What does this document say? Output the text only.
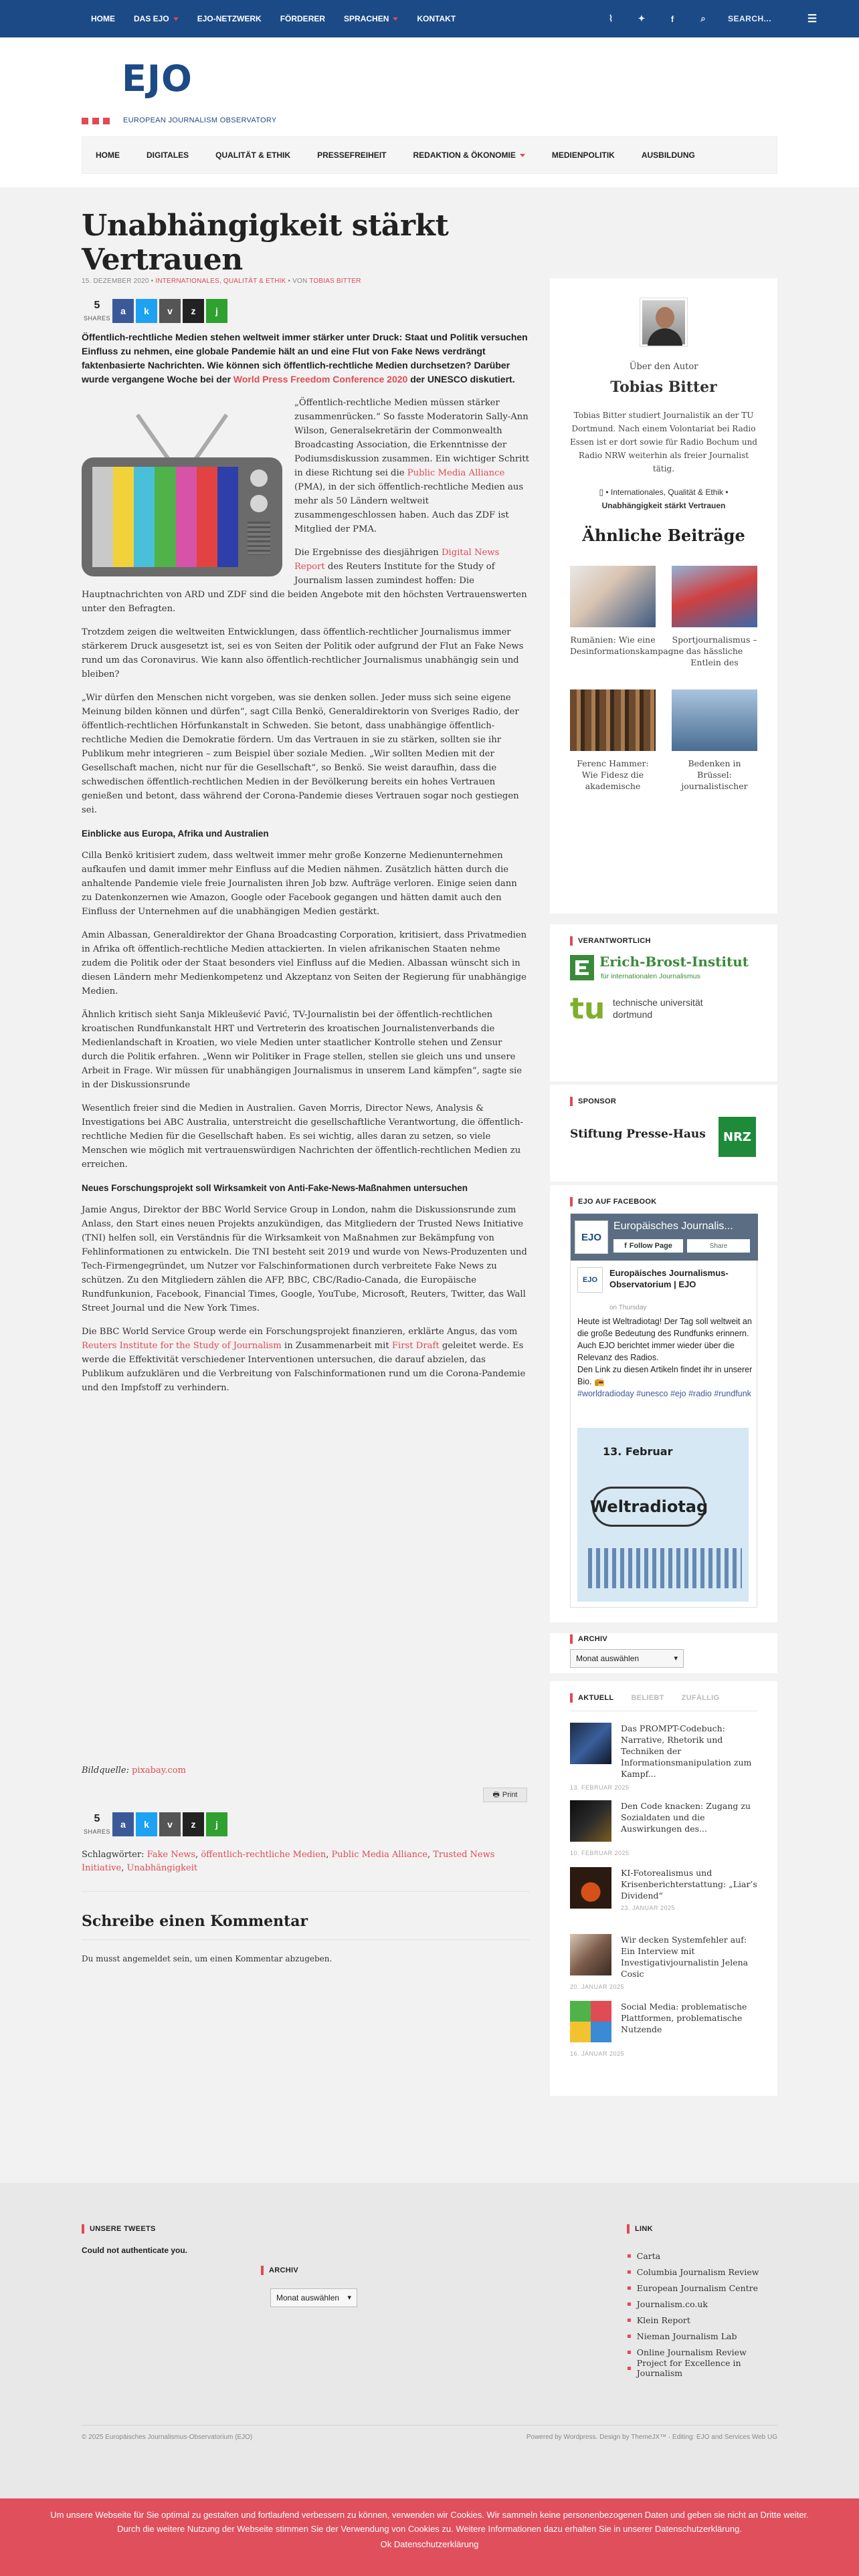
HOME DAS EJO	EJO-NETZWERK FÖRDERER SPRACHEN	KONTAKT	⌇	✦	f	⌕	SEARCH...	☰
EJO
EUROPEAN JOURNALISM OBSERVATORY
HOME	DIGITALES	QUALITÄT & ETHIK	PRESSEFREIHEIT	REDAKTION & ÖKONOMIE	MEDIENPOLITIK	AUSBILDUNG
Unabhängigkeit stärkt Vertrauen
15. DEZEMBER 2020 • INTERNATIONALES, QUALITÄT & ETHIK • VON TOBIAS BITTER
5
SHARES
a	k	v	z	j

Öffentlich-rechtliche Medien stehen weltweit immer stärker unter Druck: Staat und Politik versuchen Einfluss zu nehmen, eine globale Pandemie hält an und eine Flut von Fake News verdrängt faktenbasierte Nachrichten. Wie können sich öffentlich-rechtliche Medien durchsetzen? Darüber wurde vergangene Woche bei der World Press Freedom Conference 2020 der UNESCO diskutiert.

„Öffentlich-rechtliche Medien müssen stärker zusammenrücken.“ So fasste Moderatorin Sally-Ann Wilson, Generalsekretärin der Commonwealth Broadcasting Association, die Erkenntnisse der Podiumsdiskussion zusammen. Ein wichtiger Schritt in diese Richtung sei die Public Media Alliance (PMA), in der sich öffentlich-rechtliche Medien aus mehr als 50 Ländern weltweit zusammengeschlossen haben. Auch das ZDF ist Mitglied der PMA.

Die Ergebnisse des diesjährigen Digital News Report des Reuters Institute for the Study of Journalism lassen zumindest hoffen: Die Hauptnachrichten von ARD und ZDF sind die beiden Angebote mit den höchsten Vertrauenswerten unter den Befragten.

Trotzdem zeigen die weltweiten Entwicklungen, dass öffentlich-rechtlicher Journalismus immer stärkerem Druck ausgesetzt ist, sei es von Seiten der Politik oder aufgrund der Flut an Fake News rund um das Coronavirus. Wie kann also öffentlich-rechtlicher Journalismus unabhängig sein und bleiben?

„Wir dürfen den Menschen nicht vorgeben, was sie denken sollen. Jeder muss sich seine eigene Meinung bilden können und dürfen“, sagt Cilla Benkö, Generaldirektorin von Sveriges Radio, der öffentlich-rechtlichen Hörfunkanstalt in Schweden. Sie betont, dass unabhängige öffentlich-rechtliche Medien die Demokratie fördern. Um das Vertrauen in sie zu stärken, sollten sie ihr Publikum mehr integrieren – zum Beispiel über soziale Medien. „Wir sollten Medien mit der Gesellschaft machen, nicht nur für die Gesellschaft“, so Benkö. Sie weist daraufhin, dass die schwedischen öffentlich-rechtlichen Medien in der Bevölkerung bereits ein hohes Vertrauen genießen und betont, dass während der Corona-Pandemie dieses Vertrauen sogar noch gestiegen sei.

Einblicke aus Europa, Afrika und Australien

Cilla Benkö kritisiert zudem, dass weltweit immer mehr große Konzerne Medienunternehmen aufkaufen und damit immer mehr Einfluss auf die Medien nähmen. Zusätzlich hätten durch die anhaltende Pandemie viele freie Journalisten ihren Job bzw. Aufträge verloren. Einige seien dann zu Datenkonzernen wie Amazon, Google oder Facebook gegangen und hätten damit auch den Einfluss der Unternehmen auf die unabhängigen Medien gestärkt.

Amin Albassan, Generaldirektor der Ghana Broadcasting Corporation, kritisiert, dass Privatmedien in Afrika oft öffentlich-rechtliche Medien attackierten. In vielen afrikanischen Staaten nehme zudem die Politik oder der Staat besonders viel Einfluss auf die Medien. Albassan wünscht sich in diesen Ländern mehr Medienkompetenz und Akzeptanz von Seiten der Regierung für unabhängige Medien.

Ähnlich kritisch sieht Sanja Mikleušević Pavić, TV-Journalistin bei der öffentlich-rechtlichen kroatischen Rundfunkanstalt HRT und Vertreterin des kroatischen Journalistenverbands die Medienlandschaft in Kroatien, wo viele Medien unter staatlicher Kontrolle stehen und Zensur durch die Politik erfahren. „Wenn wir Politiker in Frage stellen, stellen sie gleich uns und unsere Arbeit in Frage. Wir müssen für unabhängigen Journalismus in unserem Land kämpfen“, sagte sie in der Diskussionsrunde

Wesentlich freier sind die Medien in Australien. Gaven Morris, Director News, Analysis & Investigations bei ABC Australia, unterstreicht die gesellschaftliche Verantwortung, die öffentlich-rechtliche Medien für die Gesellschaft haben. Es sei wichtig, alles daran zu setzen, so viele Menschen wie möglich mit vertrauenswürdigen Nachrichten der öffentlich-rechtlichen Medien zu erreichen.

Neues Forschungsprojekt soll Wirksamkeit von Anti-Fake-News-Maßnahmen untersuchen

Jamie Angus, Direktor der BBC World Service Group in London, nahm die Diskussionsrunde zum Anlass, den Start eines neuen Projekts anzukündigen, das Mitgliedern der Trusted News Initiative (TNI) helfen soll, ein Verständnis für die Wirksamkeit von Maßnahmen zur Bekämpfung von Fehlinformationen zu entwickeln. Die TNI besteht seit 2019 und wurde von News-Produzenten und Tech-Firmengegründet, um Nutzer vor Falschinformationen durch verbreitete Fake News zu schützen. Zu den Mitgliedern zählen die AFP, BBC, CBC/Radio-Canada, die Europäische Rundfunkunion, Facebook, Financial Times, Google, YouTube, Microsoft, Reuters, Twitter, das Wall Street Journal und die New York Times.

Die BBC World Service Group werde ein Forschungsprojekt finanzieren, erklärte Angus, das vom Reuters Institute for the Study of Journalism in Zusammenarbeit mit First Draft geleitet werde. Es werde die Effektivität verschiedener Interventionen untersuchen, die darauf abzielen, das Publikum aufzuklären und die Verbreitung von Falschinformationen rund um die Corona-Pandemie und den Impfstoff zu verhindern.

Bildquelle: pixabay.com
🖶 Print
5
SHARES
a	k	v	z	j
Schlagwörter: Fake News, öffentlich-rechtliche Medien, Public Media Alliance, Trusted News Initiative, Unabhängigkeit
Schreibe einen Kommentar
Du musst angemeldet sein, um einen Kommentar abzugeben.
Über den Autor
Tobias Bitter
Tobias Bitter studiert Journalistik an der TU Dortmund. Nach einem Volontariat bei Radio Essen ist er dort sowie für Radio Bochum und Radio NRW weiterhin als freier Journalist tätig.
▯ • Internationales, Qualität & Ethik •
Unabhängigkeit stärkt Vertrauen
Ähnliche Beiträge
Rumänien: Wie eine Desinformationskampagne
Sportjournalismus – das hässliche Entlein des
Ferenc Hammer: Wie Fidesz die akademische
Bedenken in Brüssel: journalistischer
VERANTWORTLICH
Erich-Brost-Institut
für internationalen Journalismus
tu technische universität
dortmund
SPONSOR
Stiftung Presse-Haus	NRZ
EJO AUF FACEBOOK
EJO
Europäisches Journalis...
f Follow Page	Share
EJO
Europäisches Journalismus-Observatorium | EJO
on Thursday

Heute ist Weltradiotag! Der Tag soll weltweit an die große Bedeutung des Rundfunks erinnern. Auch EJO berichtet immer wieder über die Relevanz des Radios.

Den Link zu diesen Artikeln findet ihr in unserer Bio. 📻

#worldradioday #unesco #ejo #radio #rundfunk

13. Februar
Weltradiotag
ARCHIV
Monat auswählen ▾
AKTUELL BELIEBT ZUFÄLLIG
Das PROMPT-Codebuch: Narrative, Rhetorik und Techniken der Informationsmanipulation zum Kampf...
13. FEBRUAR 2025
Den Code knacken: Zugang zu Sozialdaten und die Auswirkungen des...
10. FEBRUAR 2025
KI-Fotorealismus und Krisenberichterstattung: „Liar’s Dividend“
23. JANUAR 2025
Wir decken Systemfehler auf: Ein Interview mit Investigativjournalistin Jelena Cosic
20. JANUAR 2025
Social Media: problematische Plattformen, problematische Nutzende
16. JANUAR 2025
UNSERE TWEETS
Could not authenticate you.
ARCHIV
Monat auswählen ▾
LINK
▪ Carta
▪ Columbia Journalism Review
▪ European Journalism Centre
▪ Journalism.co.uk
▪ Klein Report
▪ Nieman Journalism Lab
▪ Online Journalism Review
▪ Project for Excellence in Journalism
© 2025 Europäisches Journalismus-Observatorium (EJO)	Powered by Wordpress. Design by ThemeJX™ · Editing: EJO and Services Web UG
Um unsere Webseite für Sie optimal zu gestalten und fortlaufend verbessern zu können, verwenden wir Cookies. Wir sammeln keine personenbezogenen Daten und geben sie nicht an Dritte weiter.
Durch die weitere Nutzung der Webseite stimmen Sie der Verwendung von Cookies zu. Weitere Informationen dazu erhalten Sie in unserer Datenschutzerklärung.
Ok Datenschutzerklärung
